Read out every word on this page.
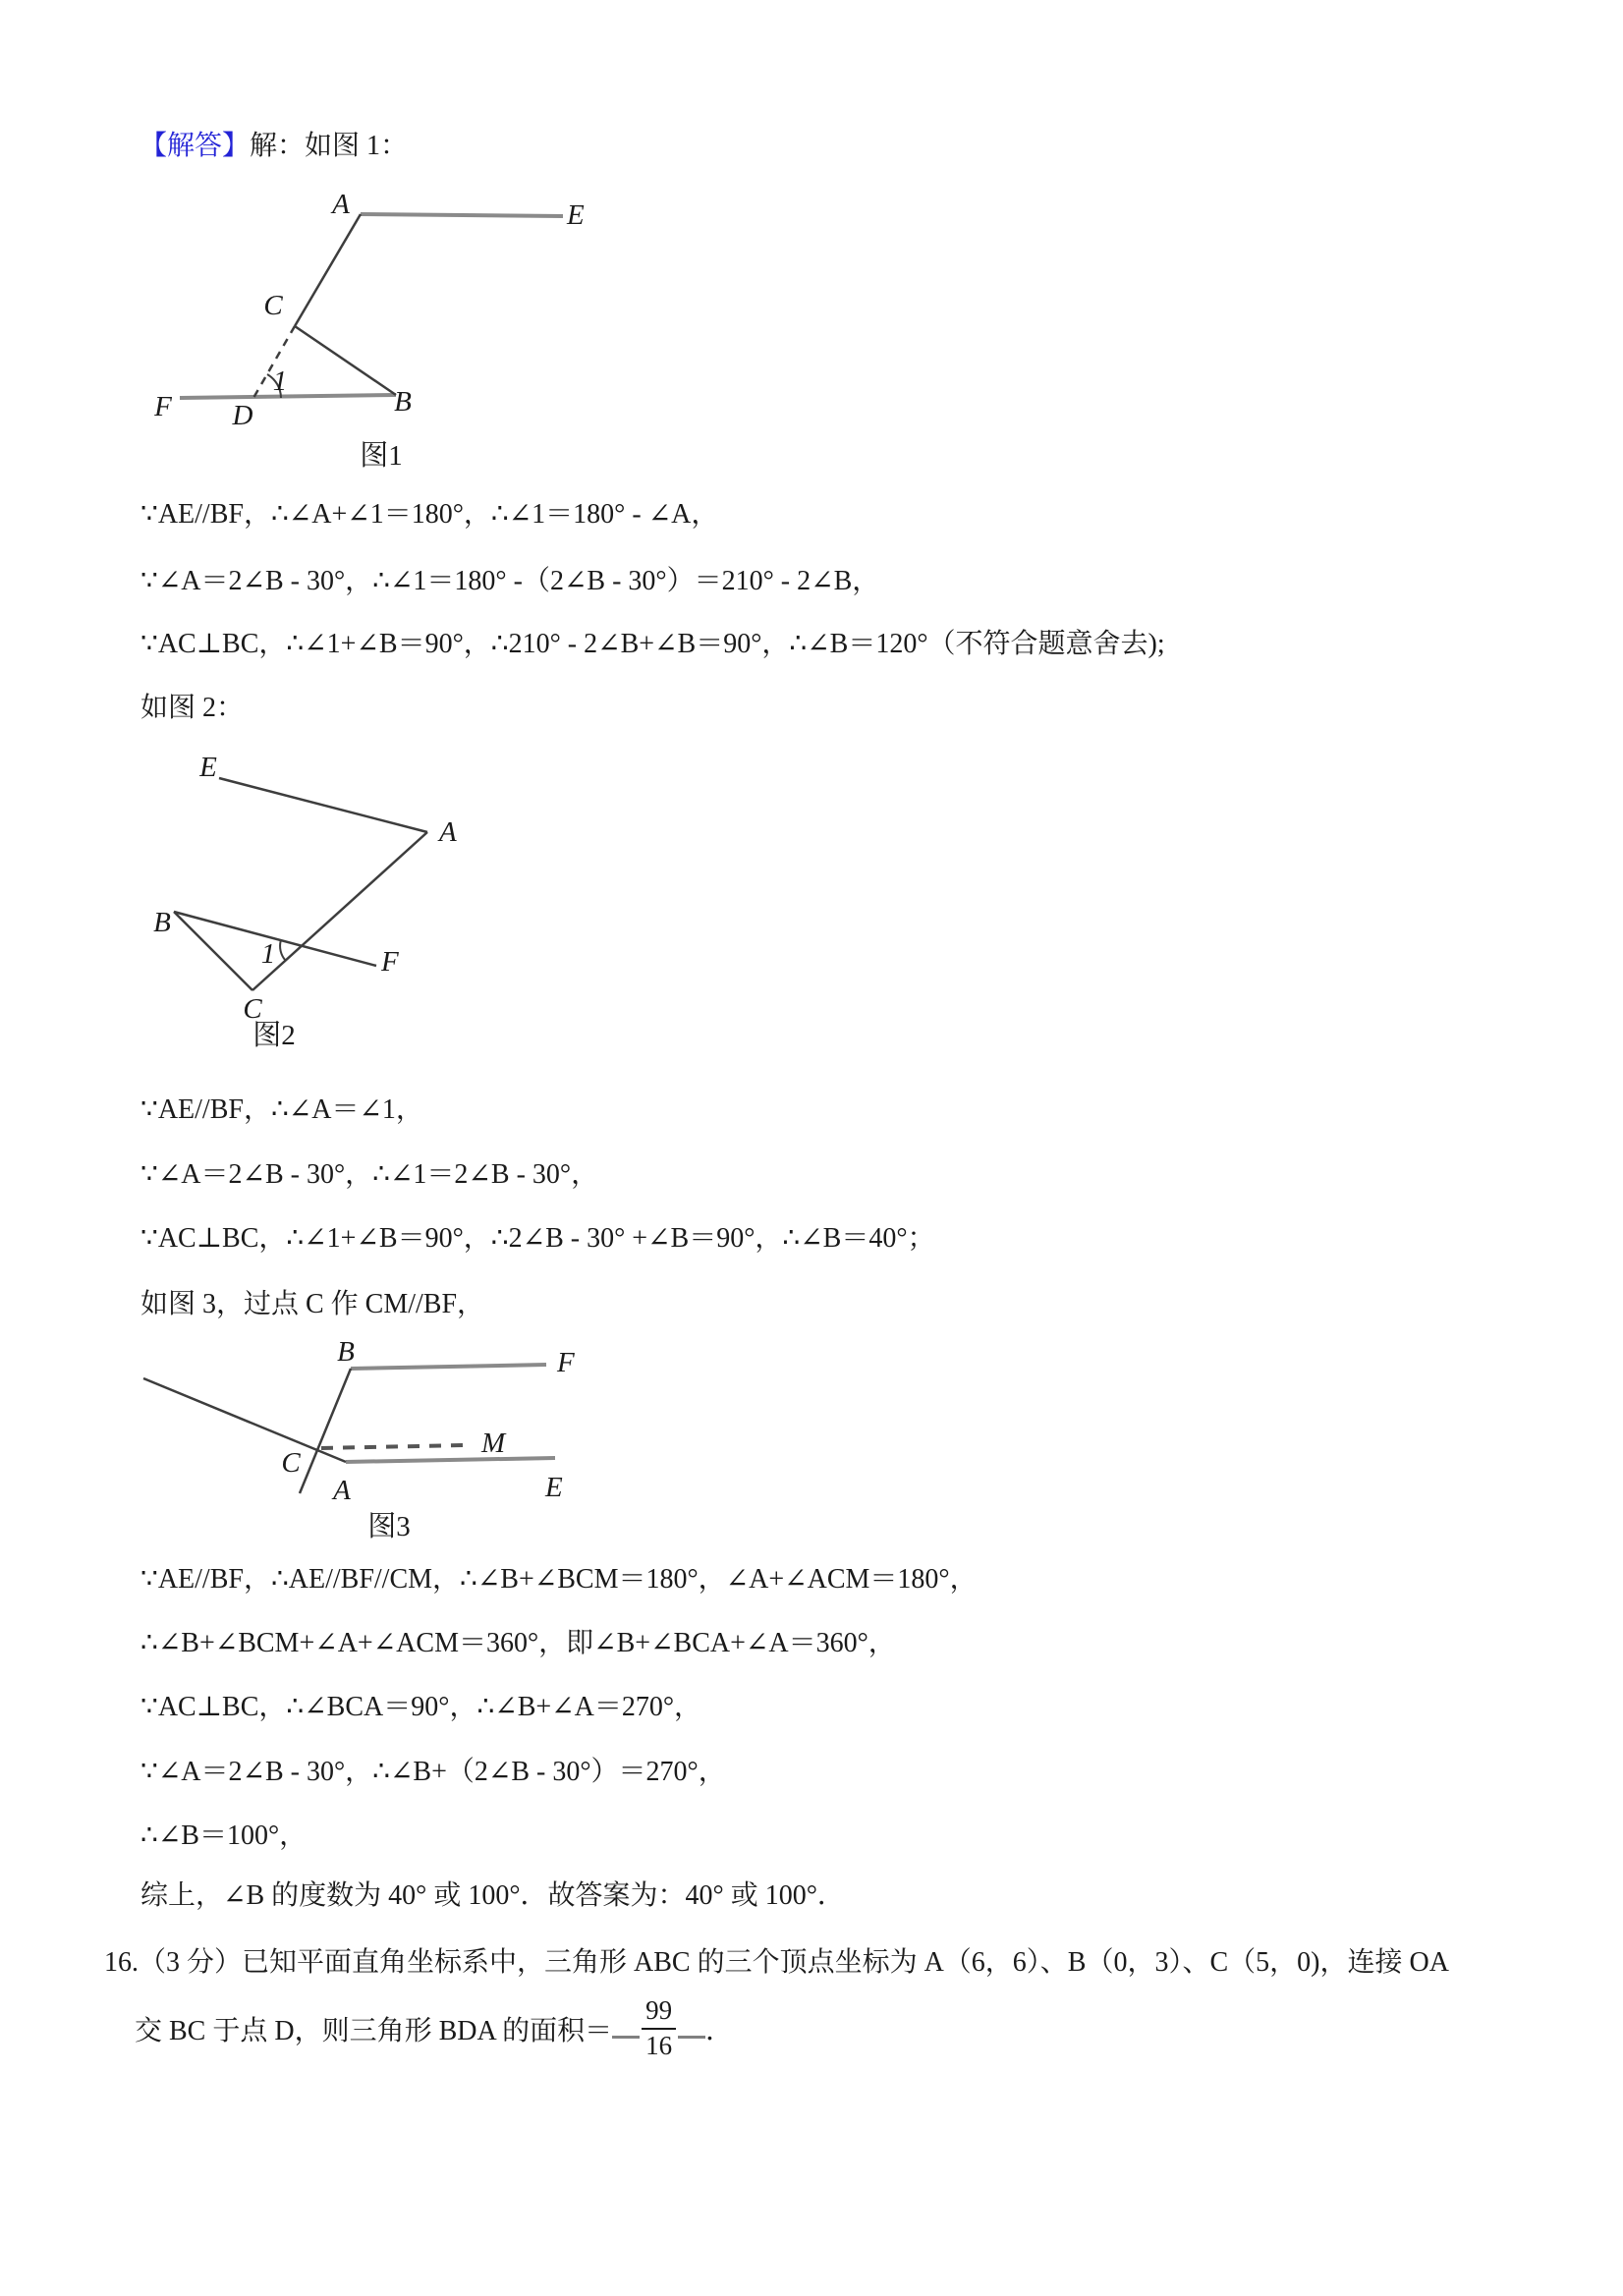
【解答】解：如图 1：
A	E
C
1
F D	B
图1
∵AE//BF，∴∠A+∠1＝180°，∴∠1＝180° - ∠A，
∵∠A＝2∠B - 30°，∴∠1＝180° -（2∠B - 30°）＝210° - 2∠B，
∵AC⊥BC，∴∠1+∠B＝90°，∴210° - 2∠B+∠B＝90°，∴∠B＝120°（不符合题意舍去);
如图 2：
E
A
B
F
1
C
图2
∵AE//BF，∴∠A＝∠1，
∵∠A＝2∠B - 30°，∴∠1＝2∠B - 30°，
∵AC⊥BC，∴∠1+∠B＝90°，∴2∠B - 30° +∠B＝90°，∴∠B＝40°；
如图 3，过点 C 作 CM//BF，
B	F
M
C
A	E
图3
∵AE//BF，∴AE//BF//CM，∴∠B+∠BCM＝180°，∠A+∠ACM＝180°，
∴∠B+∠BCM+∠A+∠ACM＝360°，即∠B+∠BCA+∠A＝360°，
∵AC⊥BC，∴∠BCA＝90°，∴∠B+∠A＝270°，
∵∠A＝2∠B - 30°，∴∠B+（2∠B - 30°）＝270°，
∴∠B＝100°，
综上，∠B 的度数为 40° 或 100°．故答案为：40° 或 100°．
16.（3 分）已知平面直角坐标系中，三角形 ABC 的三个顶点坐标为 A（6，6）、B（0，3）、C（5，0)，连接 OA
交 BC 于点 D，则三角形 BDA 的面积＝ $\frac{99}{16}$ ．
